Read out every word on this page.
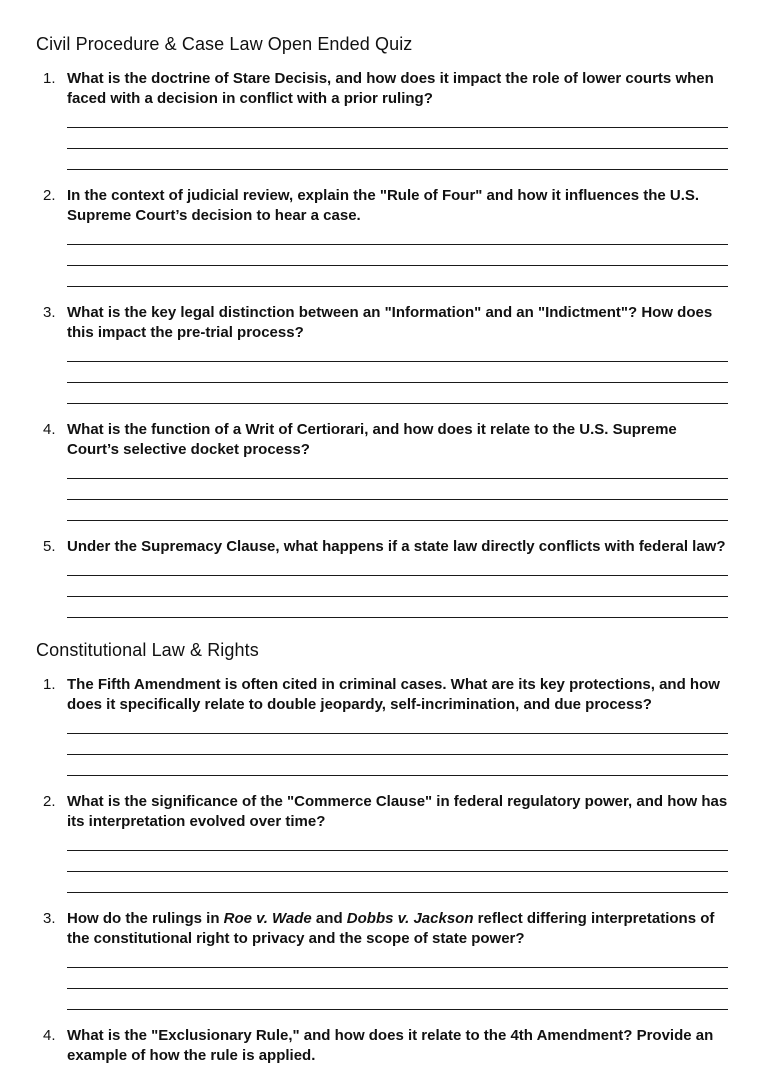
Civil Procedure & Case Law Open Ended Quiz
1. What is the doctrine of Stare Decisis, and how does it impact the role of lower courts when faced with a decision in conflict with a prior ruling?
2. In the context of judicial review, explain the "Rule of Four" and how it influences the U.S. Supreme Court’s decision to hear a case.
3. What is the key legal distinction between an "Information" and an "Indictment"? How does this impact the pre-trial process?
4. What is the function of a Writ of Certiorari, and how does it relate to the U.S. Supreme Court’s selective docket process?
5. Under the Supremacy Clause, what happens if a state law directly conflicts with federal law?
Constitutional Law & Rights
1. The Fifth Amendment is often cited in criminal cases. What are its key protections, and how does it specifically relate to double jeopardy, self-incrimination, and due process?
2. What is the significance of the "Commerce Clause" in federal regulatory power, and how has its interpretation evolved over time?
3. How do the rulings in Roe v. Wade and Dobbs v. Jackson reflect differing interpretations of the constitutional right to privacy and the scope of state power?
4. What is the "Exclusionary Rule," and how does it relate to the 4th Amendment? Provide an example of how the rule is applied.
